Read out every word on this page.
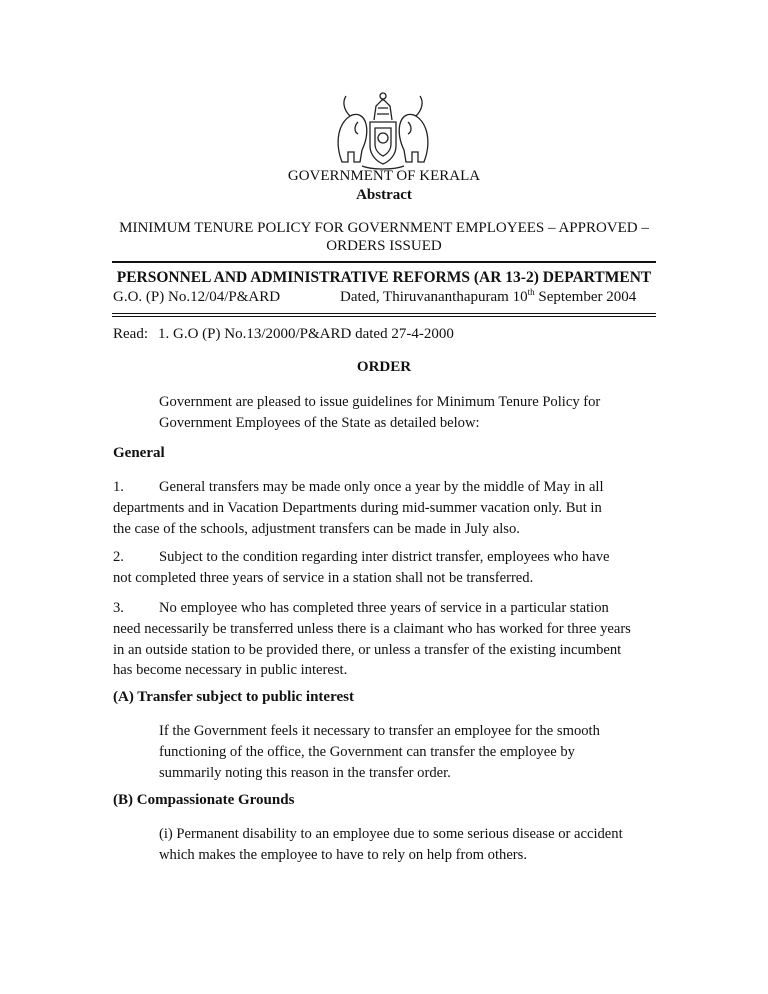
GOVERNMENT OF KERALA
Abstract
MINIMUM TENURE POLICY FOR GOVERNMENT EMPLOYEES – APPROVED –
ORDERS ISSUED
PERSONNEL AND ADMINISTRATIVE REFORMS (AR 13-2) DEPARTMENT
G.O. (P) No.12/04/P&ARD	Dated, Thiruvananthapuram 10th September 2004
Read: 1. G.O (P) No.13/2000/P&ARD dated 27-4-2000
ORDER
Government are pleased to issue guidelines for Minimum Tenure Policy for Government Employees of the State as detailed below:
General
1. General transfers may be made only once a year by the middle of May in all departments and in Vacation Departments during mid-summer vacation only. But in the case of the schools, adjustment transfers can be made in July also.
2. Subject to the condition regarding inter district transfer, employees who have not completed three years of service in a station shall not be transferred.
3. No employee who has completed three years of service in a particular station need necessarily be transferred unless there is a claimant who has worked for three years in an outside station to be provided there, or unless a transfer of the existing incumbent has become necessary in public interest.
(A) Transfer subject to public interest
If the Government feels it necessary to transfer an employee for the smooth functioning of the office, the Government can transfer the employee by summarily noting this reason in the transfer order.
(B) Compassionate Grounds
(i) Permanent disability to an employee due to some serious disease or accident which makes the employee to have to rely on help from others.
